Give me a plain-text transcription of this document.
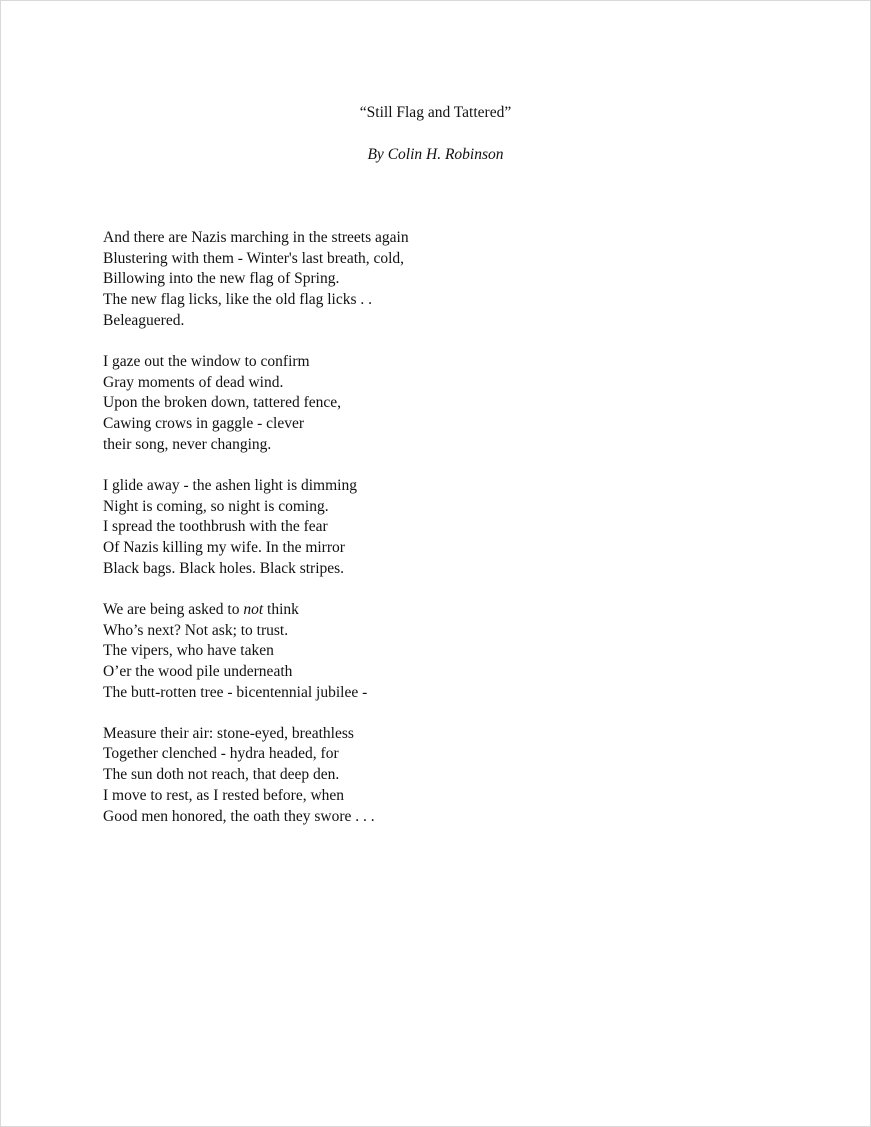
“Still Flag and Tattered”
By Colin H. Robinson
And there are Nazis marching in the streets again
Blustering with them - Winter's last breath, cold,
Billowing into the new flag of Spring.
The new flag licks, like the old flag licks . .
Beleaguered.
I gaze out the window to confirm
Gray moments of dead wind.
Upon the broken down, tattered fence,
Cawing crows in gaggle - clever
their song, never changing.
I glide away - the ashen light is dimming
Night is coming, so night is coming.
I spread the toothbrush with the fear
Of Nazis killing my wife. In the mirror
Black bags. Black holes. Black stripes.
We are being asked to not think
Who’s next? Not ask; to trust.
The vipers, who have taken
O’er the wood pile underneath
The butt-rotten tree - bicentennial jubilee -
Measure their air: stone-eyed, breathless
Together clenched - hydra headed, for
The sun doth not reach, that deep den.
I move to rest, as I rested before, when
Good men honored, the oath they swore . . .
